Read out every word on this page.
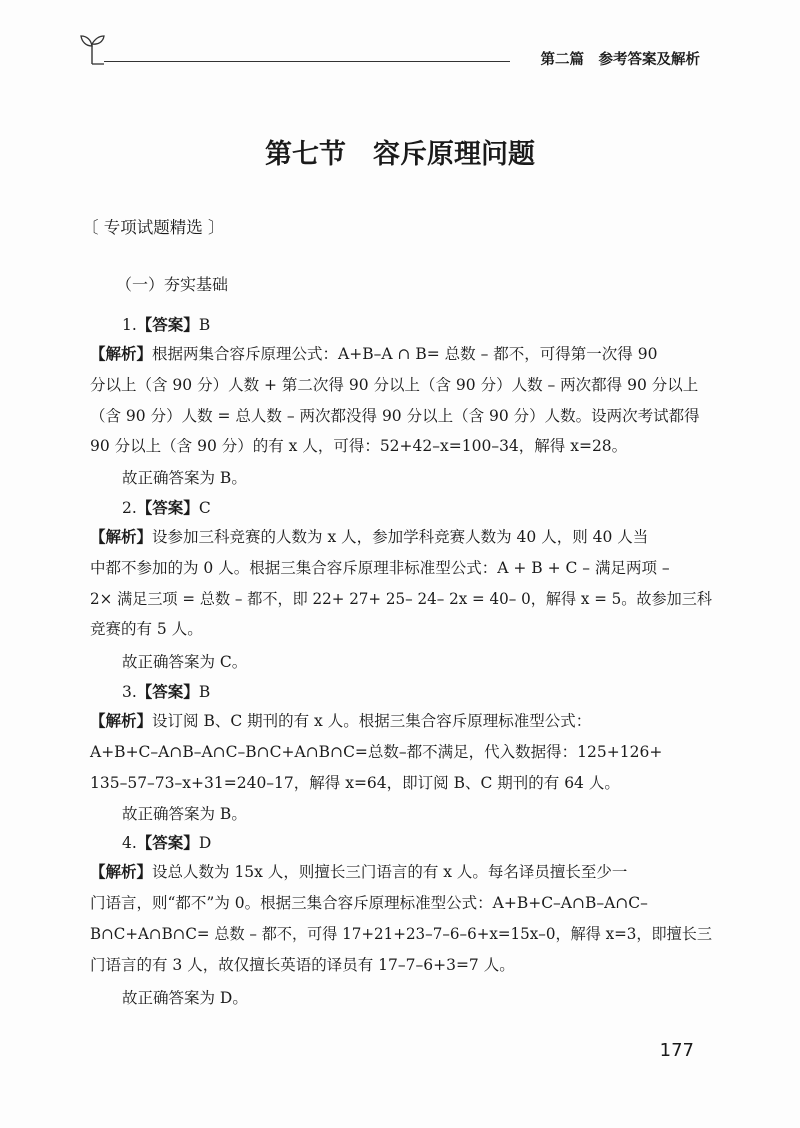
第二篇　参考答案及解析
第七节　容斥原理问题
〔 专项试题精选 〕
（一）夯实基础
1.【答案】B
【解析】根据两集合容斥原理公式：A+B–A ∩ B= 总数 – 都不，可得第一次得 90
分以上（含 90 分）人数 + 第二次得 90 分以上（含 90 分）人数 – 两次都得 90 分以上
（含 90 分）人数 = 总人数 – 两次都没得 90 分以上（含 90 分）人数。设两次考试都得
90 分以上（含 90 分）的有 x 人，可得：52+42–x=100–34，解得 x=28。
故正确答案为 B。
2.【答案】C
【解析】设参加三科竞赛的人数为 x 人，参加学科竞赛人数为 40 人，则 40 人当
中都不参加的为 0 人。根据三集合容斥原理非标准型公式：A + B + C – 满足两项 –
2× 满足三项 = 总数 – 都不，即 22+ 27+ 25– 24– 2x = 40– 0，解得 x = 5。故参加三科
竞赛的有 5 人。
故正确答案为 C。
3.【答案】B
【解析】设订阅 B、C 期刊的有 x 人。根据三集合容斥原理标准型公式：
A+B+C–A∩B–A∩C–B∩C+A∩B∩C=总数–都不满足，代入数据得：125+126+
135–57–73–x+31=240–17，解得 x=64，即订阅 B、C 期刊的有 64 人。
故正确答案为 B。
4.【答案】D
【解析】设总人数为 15x 人，则擅长三门语言的有 x 人。每名译员擅长至少一
门语言，则“都不”为 0。根据三集合容斥原理标准型公式：A+B+C–A∩B–A∩C–
B∩C+A∩B∩C= 总数 – 都不，可得 17+21+23–7–6–6+x=15x–0，解得 x=3，即擅长三
门语言的有 3 人，故仅擅长英语的译员有 17–7–6+3=7 人。
故正确答案为 D。
177
